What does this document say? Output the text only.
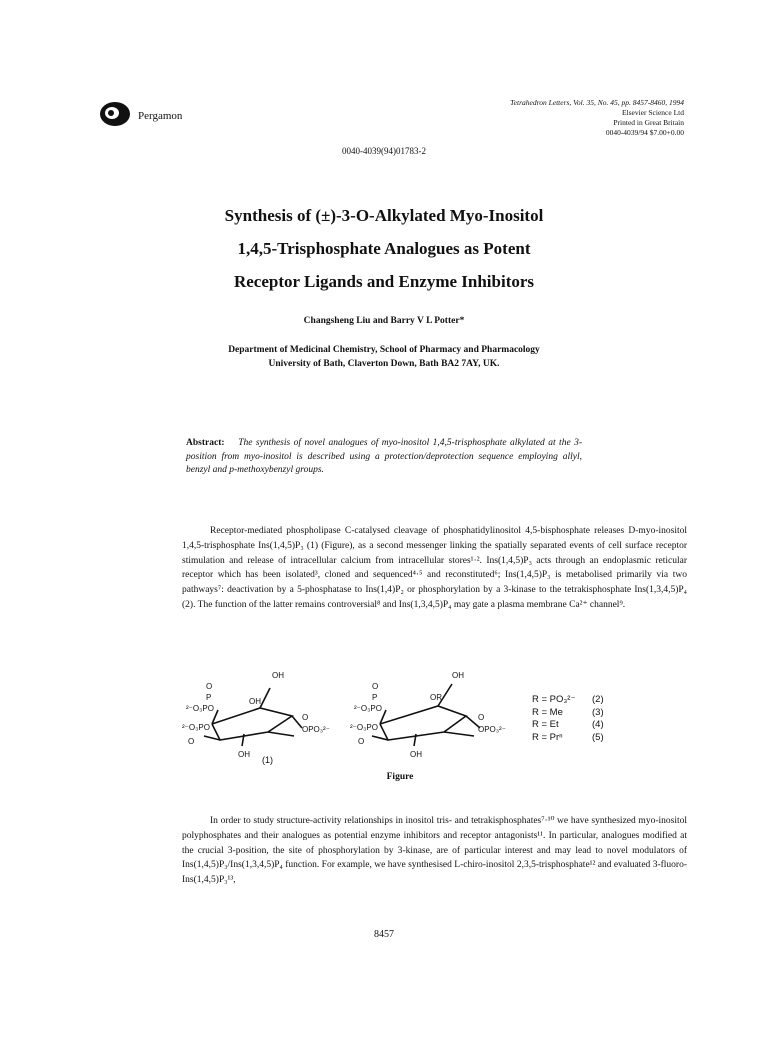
Pergamon
Tetrahedron Letters, Vol. 35, No. 45, pp. 8457-8460, 1994
Elsevier Science Ltd
Printed in Great Britain
0040-4039/94 $7.00+0.00
0040-4039(94)01783-2
Synthesis of (±)-3-O-Alkylated Myo-Inositol
1,4,5-Trisphosphate Analogues as Potent
Receptor Ligands and Enzyme Inhibitors
Changsheng Liu and Barry V L Potter*
Department of Medicinal Chemistry, School of Pharmacy and Pharmacology
University of Bath, Claverton Down, Bath BA2 7AY, UK.
Abstract: The synthesis of novel analogues of myo-inositol 1,4,5-trisphosphate alkylated at the 3-position from myo-inositol is described using a protection/deprotection sequence employing allyl, benzyl and p-methoxybenzyl groups.
Receptor-mediated phospholipase C-catalysed cleavage of phosphatidylinositol 4,5-bisphosphate releases D-myo-inositol 1,4,5-trisphosphate Ins(1,4,5)P₃ (1) (Figure), as a second messenger linking the spatially separated events of cell surface receptor stimulation and release of intracellular calcium from intracellular stores¹·². Ins(1,4,5)P₃ acts through an endoplasmic reticular receptor which has been isolated³, cloned and sequenced⁴·⁵ and reconstituted⁶; Ins(1,4,5)P₃ is metabolised primarily via two pathways⁷: deactivation by a 5-phosphatase to Ins(1,4)P₂ or phosphorylation by a 3-kinase to the tetrakisphosphate Ins(1,3,4,5)P₄ (2). The function of the latter remains controversial⁸ and Ins(1,3,4,5)P₄ may gate a plasma membrane Ca²⁺ channel⁹.
OH
OH
O
P
²⁻O₃PO
²⁻O₃PO
O
O
OPO₃²⁻
OH
OH
OR
O
P
²⁻O₃PO
²⁻O₃PO
O
O
OPO₃²⁻
OH
R = PO₃²⁻	(2)
R = Me	(3)
R = Et	(4)
R = Prⁿ	(5)
(1)
Figure
In order to study structure-activity relationships in inositol tris- and tetrakisphosphates⁷·¹⁰ we have synthesized myo-inositol polyphosphates and their analogues as potential enzyme inhibitors and receptor antagonists¹¹. In particular, analogues modified at the crucial 3-position, the site of phosphorylation by 3-kinase, are of particular interest and may lead to novel modulators of Ins(1,4,5)P₃/Ins(1,3,4,5)P₄ function. For example, we have synthesised L-chiro-inositol 2,3,5-trisphosphate¹² and evaluated 3-fluoro-Ins(1,4,5)P₃¹³,
8457
